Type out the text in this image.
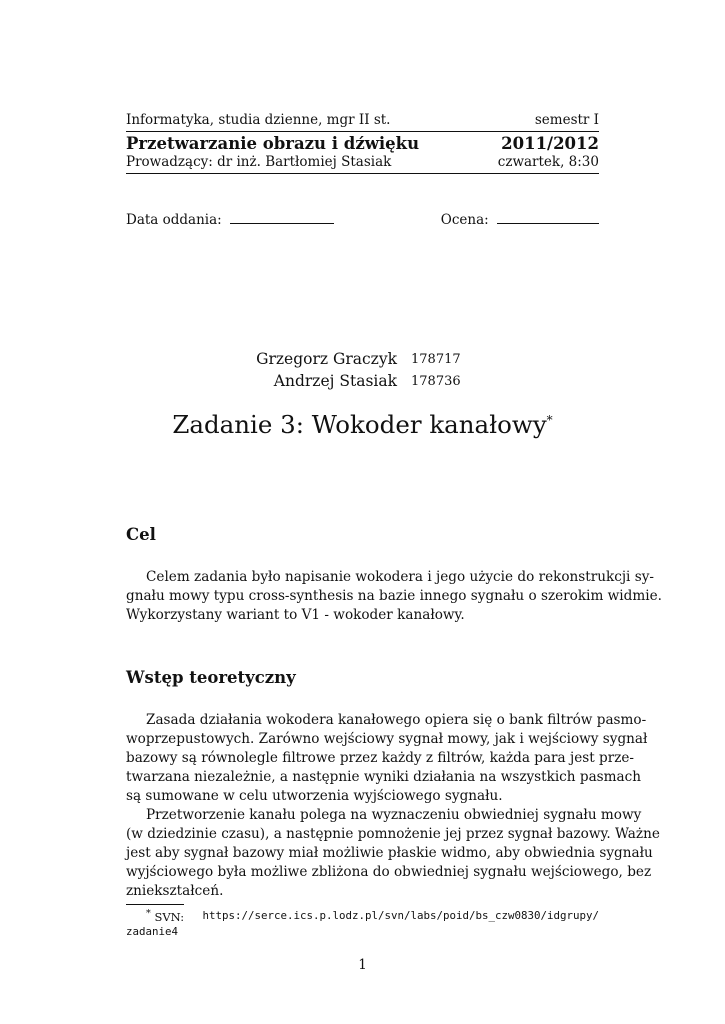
Informatyka, studia dzienne, mgr II st.	semestr I
Przetwarzanie obrazu i dźwięku	2011/2012
Prowadzący: dr inż. Bartłomiej Stasiak	czwartek, 8:30
Data oddania:	Ocena:
Grzegorz Graczyk 178717
Andrzej Stasiak 178736
Zadanie 3: Wokoder kanałowy*
Cel
Celem zadania było napisanie wokodera i jego użycie do rekonstrukcji sy-
gnału mowy typu cross-synthesis na bazie innego sygnału o szerokim widmie.
Wykorzystany wariant to V1 - wokoder kanałowy.
Wstęp teoretyczny
Zasada działania wokodera kanałowego opiera się o bank filtrów pasmo-
woprzepustowych. Zarówno wejściowy sygnał mowy, jak i wejściowy sygnał
bazowy są równolegle filtrowe przez każdy z filtrów, każda para jest prze-
twarzana niezależnie, a następnie wyniki działania na wszystkich pasmach
są sumowane w celu utworzenia wyjściowego sygnału.
Przetworzenie kanału polega na wyznaczeniu obwiedniej sygnału mowy
(w dziedzinie czasu), a następnie pomnożenie jej przez sygnał bazowy. Ważne
jest aby sygnał bazowy miał możliwie płaskie widmo, aby obwiednia sygnału
wyjściowego była możliwe zbliżona do obwiedniej sygnału wejściowego, bez
zniekształceń.
* SVN: https://serce.ics.p.lodz.pl/svn/labs/poid/bs_czw0830/idgrupy/
zadanie4
1
